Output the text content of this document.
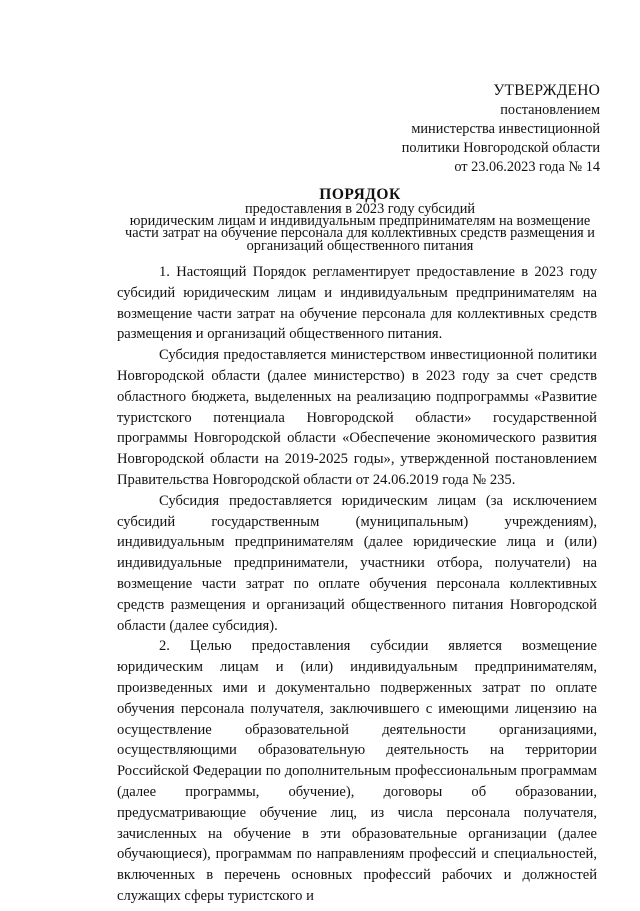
УТВЕРЖДЕНО
постановлением
министерства инвестиционной
политики Новгородской области
от 23.06.2023 года № 14
ПОРЯДОК
предоставления в 2023 году субсидий
юридическим лицам и индивидуальным предпринимателям на возмещение
части затрат на обучение персонала для коллективных средств размещения и
организаций общественного питания

1. Настоящий Порядок регламентирует предоставление в 2023 году субсидий юридическим лицам и индивидуальным предпринимателям на возмещение части затрат на обучение персонала для коллективных средств размещения и организаций общественного питания.

Субсидия предоставляется министерством инвестиционной политики Новгородской области (далее министерство) в 2023 году за счет средств областного бюджета, выделенных на реализацию подпрограммы «Развитие туристского потенциала Новгородской области» государственной программы Новгородской области «Обеспечение экономического развития Новгородской области на 2019-2025 годы», утвержденной постановлением Правительства Новгородской области от 24.06.2019 года № 235.

Субсидия предоставляется юридическим лицам (за исключением субсидий государственным (муниципальным) учреждениям), индивидуальным предпринимателям (далее юридические лица и (или) индивидуальные предприниматели, участники отбора, получатели) на возмещение части затрат по оплате обучения персонала коллективных средств размещения и организаций общественного питания Новгородской области (далее субсидия).

2. Целью предоставления субсидии является возмещение юридическим лицам и (или) индивидуальным предпринимателям, произведенных ими и документально подверженных затрат по оплате обучения персонала получателя, заключившего с имеющими лицензию на осуществление образовательной деятельности организациями, осуществляющими образовательную деятельность на территории Российской Федерации по дополнительным профессиональным программам (далее программы, обучение), договоры об образовании, предусматривающие обучение лиц, из числа персонала получателя, зачисленных на обучение в эти образовательные организации (далее обучающиеся), программам по направлениям профессий и специальностей, включенных в перечень основных профессий рабочих и должностей служащих сферы туристского и
